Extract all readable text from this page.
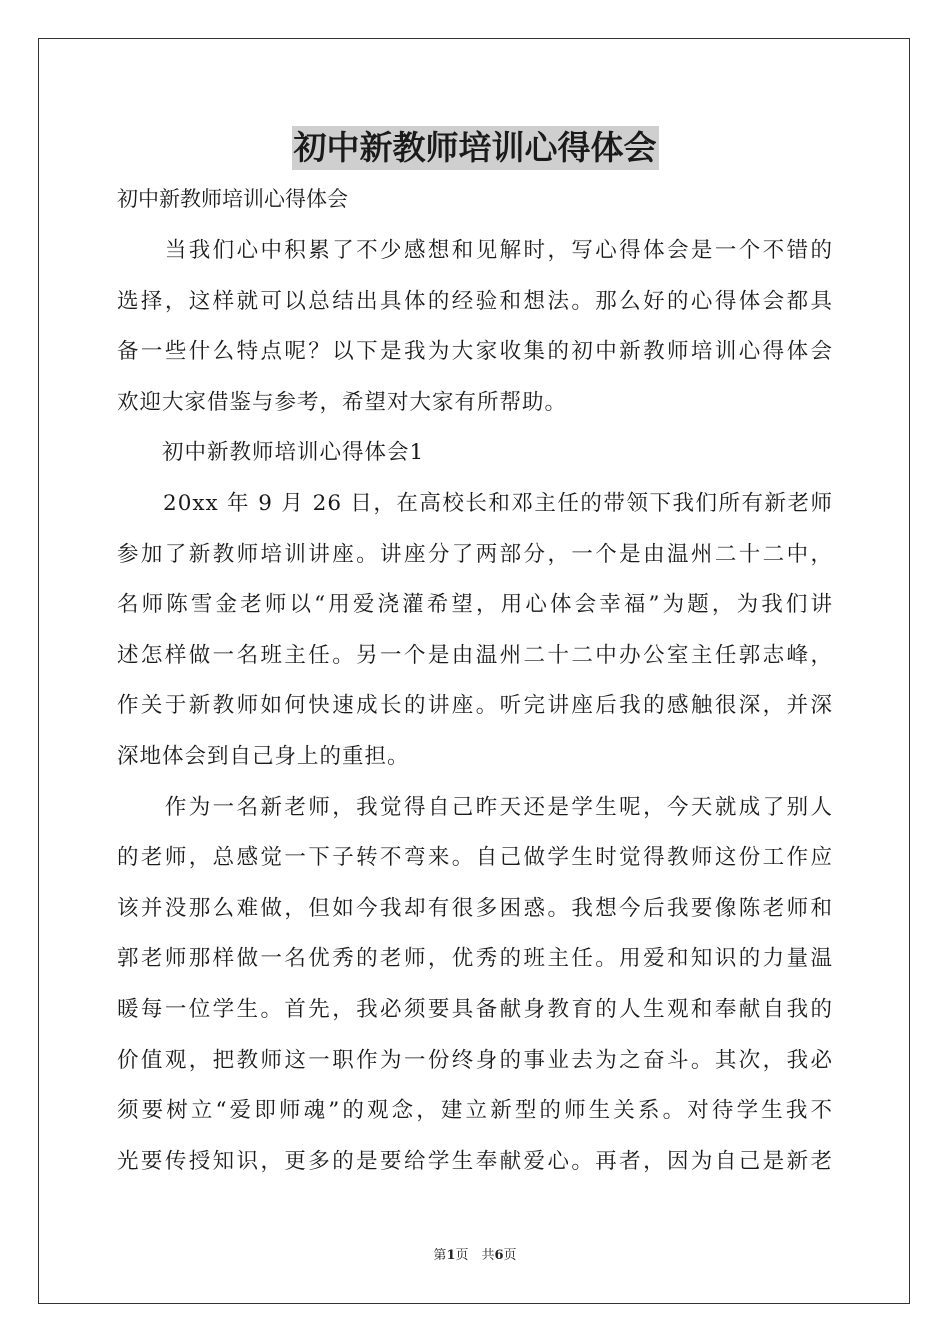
初中新教师培训心得体会
初中新教师培训心得体会
　　当我们心中积累了不少感想和见解时，写心得体会是一个不错的
选择，这样就可以总结出具体的经验和想法。那么好的心得体会都具
备一些什么特点呢？以下是我为大家收集的初中新教师培训心得体会
欢迎大家借鉴与参考，希望对大家有所帮助。
　　初中新教师培训心得体会1
　　20xx 年 9 月 26 日，在高校长和邓主任的带领下我们所有新老师
参加了新教师培训讲座。讲座分了两部分，一个是由温州二十二中，
名师陈雪金老师以“用爱浇灌希望，用心体会幸福”为题，为我们讲
述怎样做一名班主任。另一个是由温州二十二中办公室主任郭志峰，
作关于新教师如何快速成长的讲座。听完讲座后我的感触很深，并深
深地体会到自己身上的重担。
　　作为一名新老师，我觉得自己昨天还是学生呢，今天就成了别人
的老师，总感觉一下子转不弯来。自己做学生时觉得教师这份工作应
该并没那么难做，但如今我却有很多困惑。我想今后我要像陈老师和
郭老师那样做一名优秀的老师，优秀的班主任。用爱和知识的力量温
暖每一位学生。首先，我必须要具备献身教育的人生观和奉献自我的
价值观，把教师这一职作为一份终身的事业去为之奋斗。其次，我必
须要树立“爱即师魂”的观念，建立新型的师生关系。对待学生我不
光要传授知识，更多的是要给学生奉献爱心。再者，因为自己是新老
第1页　共6页
